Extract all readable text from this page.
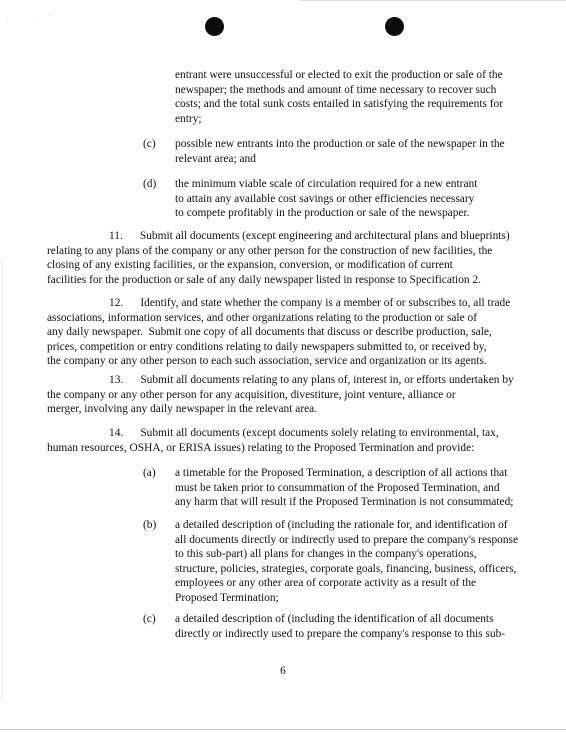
˙	˙ ˙
entrant were unsuccessful or elected to exit the production or sale of the
newspaper; the methods and amount of time necessary to recover such
costs; and the total sunk costs entailed in satisfying the requirements for
entry;
(c) possible new entrants into the production or sale of the newspaper in the
relevant area; and
(d) the minimum viable scale of circulation required for a new entrant
to attain any available cost savings or other efficiencies necessary
to compete profitably in the production or sale of the newspaper.
11.      Submit all documents (except engineering and architectural plans and blueprints)
relating to any plans of the company or any other person for the construction of new facilities, the
closing of any existing facilities, or the expansion, conversion, or modification of current
facilities for the production or sale of any daily newspaper listed in response to Specification 2.
12.      Identify, and state whether the company is a member of or subscribes to, all trade
associations, information services, and other organizations relating to the production or sale of
any daily newspaper.  Submit one copy of all documents that discuss or describe production, sale,
prices, competition or entry conditions relating to daily newspapers submitted to, or received by,
the company or any other person to each such association, service and organization or its agents.
13.      Submit all documents relating to any plans of, interest in, or efforts undertaken by
the company or any other person for any acquisition, divestiture, joint venture, alliance or
merger, involving any daily newspaper in the relevant area.
14.      Submit all documents (except documents solely relating to environmental, tax,
human resources, OSHA, or ERISA issues) relating to the Proposed Termination and provide:
(a) a timetable for the Proposed Termination, a description of all actions that
must be taken prior to consummation of the Proposed Termination, and
any harm that will result if the Proposed Termination is not consummated;
(b) a detailed description of (including the rationale for, and identification of
all documents directly or indirectly used to prepare the company's response
to this sub-part) all plans for changes in the company's operations,
structure, policies, strategies, corporate goals, financing, business, officers,
employees or any other area of corporate activity as a result of the
Proposed Termination;
(c) a detailed description of (including the identification of all documents
directly or indirectly used to prepare the company's response to this sub-
6
